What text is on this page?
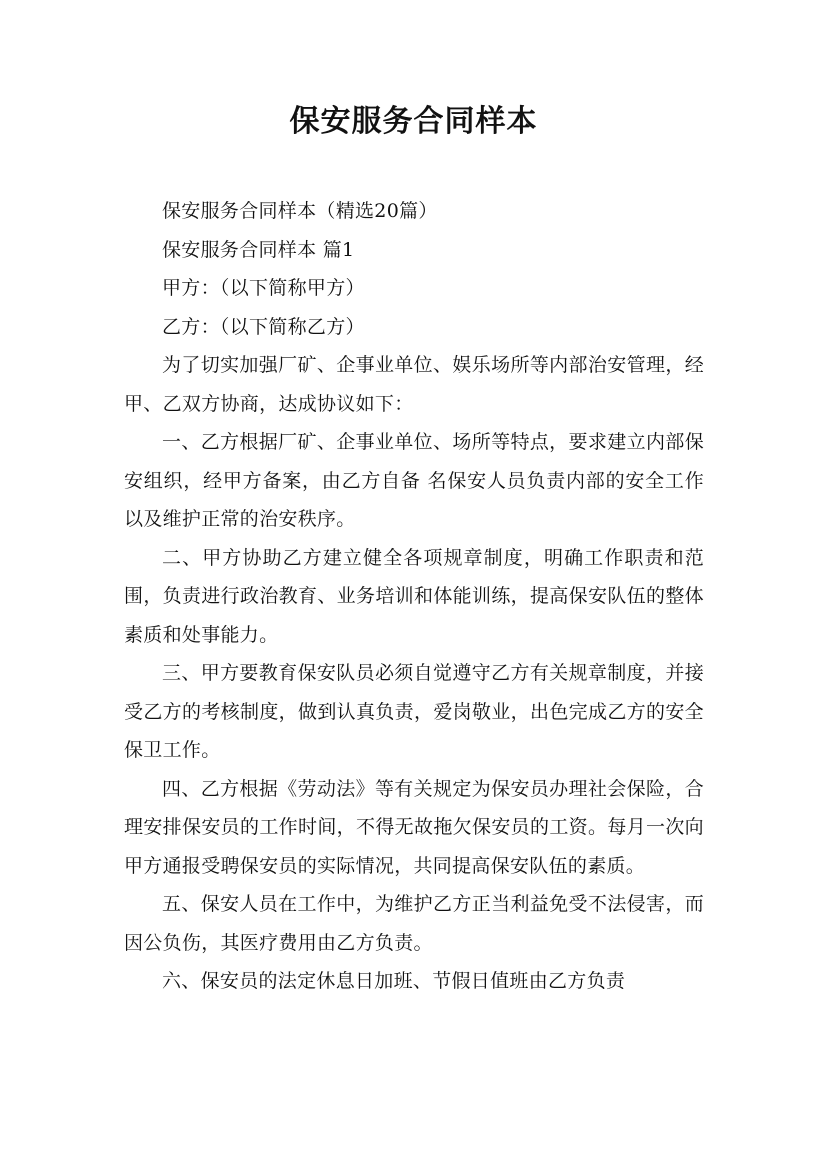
保安服务合同样本

保安服务合同样本（精选20篇）

保安服务合同样本 篇1

甲方：（以下简称甲方）

乙方：（以下简称乙方）

为了切实加强厂矿、企事业单位、娱乐场所等内部治安管理，经甲、乙双方协商，达成协议如下：

一、乙方根据厂矿、企事业单位、场所等特点，要求建立内部保安组织，经甲方备案，由乙方自备 名保安人员负责内部的安全工作以及维护正常的治安秩序。

二、甲方协助乙方建立健全各项规章制度，明确工作职责和范围，负责进行政治教育、业务培训和体能训练，提高保安队伍的整体素质和处事能力。

三、甲方要教育保安队员必须自觉遵守乙方有关规章制度，并接受乙方的考核制度，做到认真负责，爱岗敬业，出色完成乙方的安全保卫工作。

四、乙方根据《劳动法》等有关规定为保安员办理社会保险，合理安排保安员的工作时间，不得无故拖欠保安员的工资。每月一次向甲方通报受聘保安员的实际情况，共同提高保安队伍的素质。

五、保安人员在工作中，为维护乙方正当利益免受不法侵害，而因公负伤，其医疗费用由乙方负责。

六、保安员的法定休息日加班、节假日值班由乙方负责
